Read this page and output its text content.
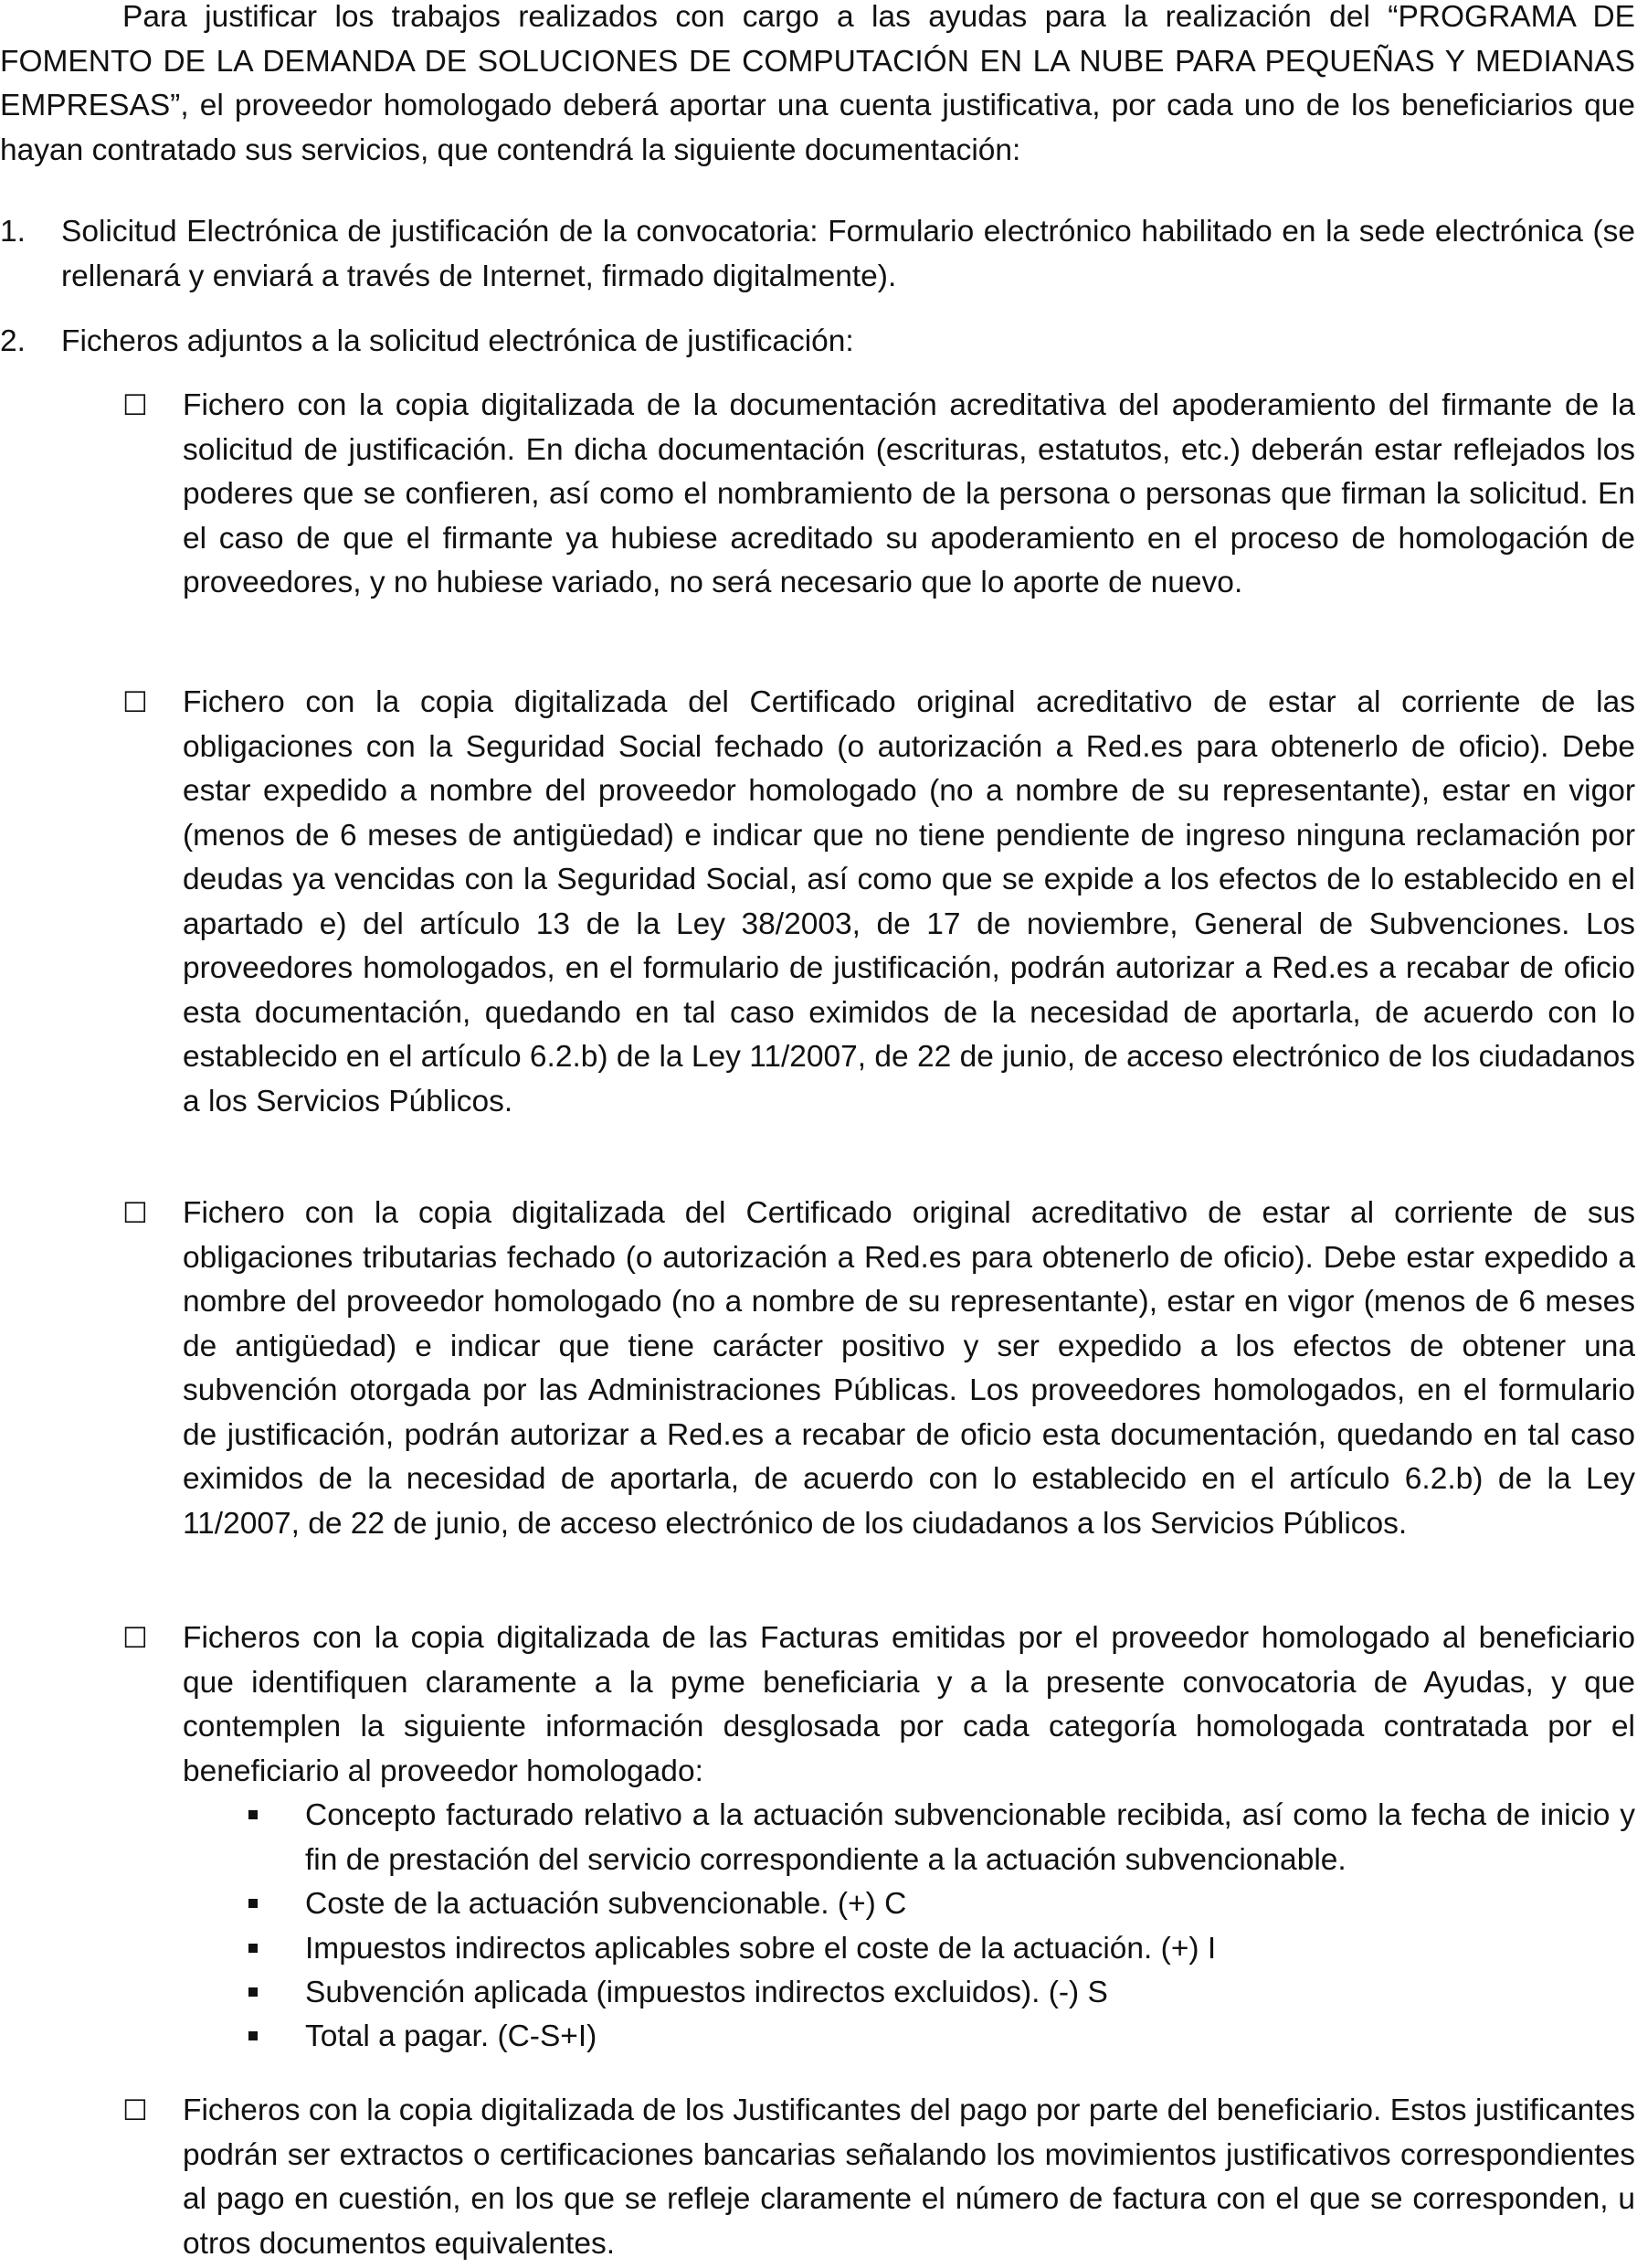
Para justificar los trabajos realizados con cargo a las ayudas para la realización del “PROGRAMA DE FOMENTO DE LA DEMANDA DE SOLUCIONES DE COMPUTACIÓN EN LA NUBE PARA PEQUEÑAS Y MEDIANAS EMPRESAS”, el proveedor homologado deberá aportar una cuenta justificativa, por cada uno de los beneficiarios que hayan contratado sus servicios, que contendrá la siguiente documentación:

1. Solicitud Electrónica de justificación de la convocatoria: Formulario electrónico habilitado en la sede electrónica (se rellenará y enviará a través de Internet, firmado digitalmente).

2. Ficheros adjuntos a la solicitud electrónica de justificación:

☐ Fichero con la copia digitalizada de la documentación acreditativa del apoderamiento del firmante de la solicitud de justificación. En dicha documentación (escrituras, estatutos, etc.) deberán estar reflejados los poderes que se confieren, así como el nombramiento de la persona o personas que firman la solicitud. En el caso de que el firmante ya hubiese acreditado su apoderamiento en el proceso de homologación de proveedores, y no hubiese variado, no será necesario que lo aporte de nuevo.

☐ Fichero con la copia digitalizada del Certificado original acreditativo de estar al corriente de las obligaciones con la Seguridad Social fechado (o autorización a Red.es para obtenerlo de oficio). Debe estar expedido a nombre del proveedor homologado (no a nombre de su representante), estar en vigor (menos de 6 meses de antigüedad) e indicar que no tiene pendiente de ingreso ninguna reclamación por deudas ya vencidas con la Seguridad Social, así como que se expide a los efectos de lo establecido en el apartado e) del artículo 13 de la Ley 38/2003, de 17 de noviembre, General de Subvenciones. Los proveedores homologados, en el formulario de justificación, podrán autorizar a Red.es a recabar de oficio esta documentación, quedando en tal caso eximidos de la necesidad de aportarla, de acuerdo con lo establecido en el artículo 6.2.b) de la Ley 11/2007, de 22 de junio, de acceso electrónico de los ciudadanos a los Servicios Públicos.

☐ Fichero con la copia digitalizada del Certificado original acreditativo de estar al corriente de sus obligaciones tributarias fechado (o autorización a Red.es para obtenerlo de oficio). Debe estar expedido a nombre del proveedor homologado (no a nombre de su representante), estar en vigor (menos de 6 meses de antigüedad) e indicar que tiene carácter positivo y ser expedido a los efectos de obtener una subvención otorgada por las Administraciones Públicas. Los proveedores homologados, en el formulario de justificación, podrán autorizar a Red.es a recabar de oficio esta documentación, quedando en tal caso eximidos de la necesidad de aportarla, de acuerdo con lo establecido en el artículo 6.2.b) de la Ley 11/2007, de 22 de junio, de acceso electrónico de los ciudadanos a los Servicios Públicos.

☐ Ficheros con la copia digitalizada de las Facturas emitidas por el proveedor homologado al beneficiario que identifiquen claramente a la pyme beneficiaria y a la presente convocatoria de Ayudas, y que contemplen la siguiente información desglosada por cada categoría homologada contratada por el beneficiario al proveedor homologado:

Concepto facturado relativo a la actuación subvencionable recibida, así como la fecha de inicio y fin de prestación del servicio correspondiente a la actuación subvencionable.

Coste de la actuación subvencionable. (+) C

Impuestos indirectos aplicables sobre el coste de la actuación. (+) I

Subvención aplicada (impuestos indirectos excluidos). (-) S

Total a pagar. (C-S+I)

☐ Ficheros con la copia digitalizada de los Justificantes del pago por parte del beneficiario. Estos justificantes podrán ser extractos o certificaciones bancarias señalando los movimientos justificativos correspondientes al pago en cuestión, en los que se refleje claramente el número de factura con el que se corresponden, u otros documentos equivalentes.
